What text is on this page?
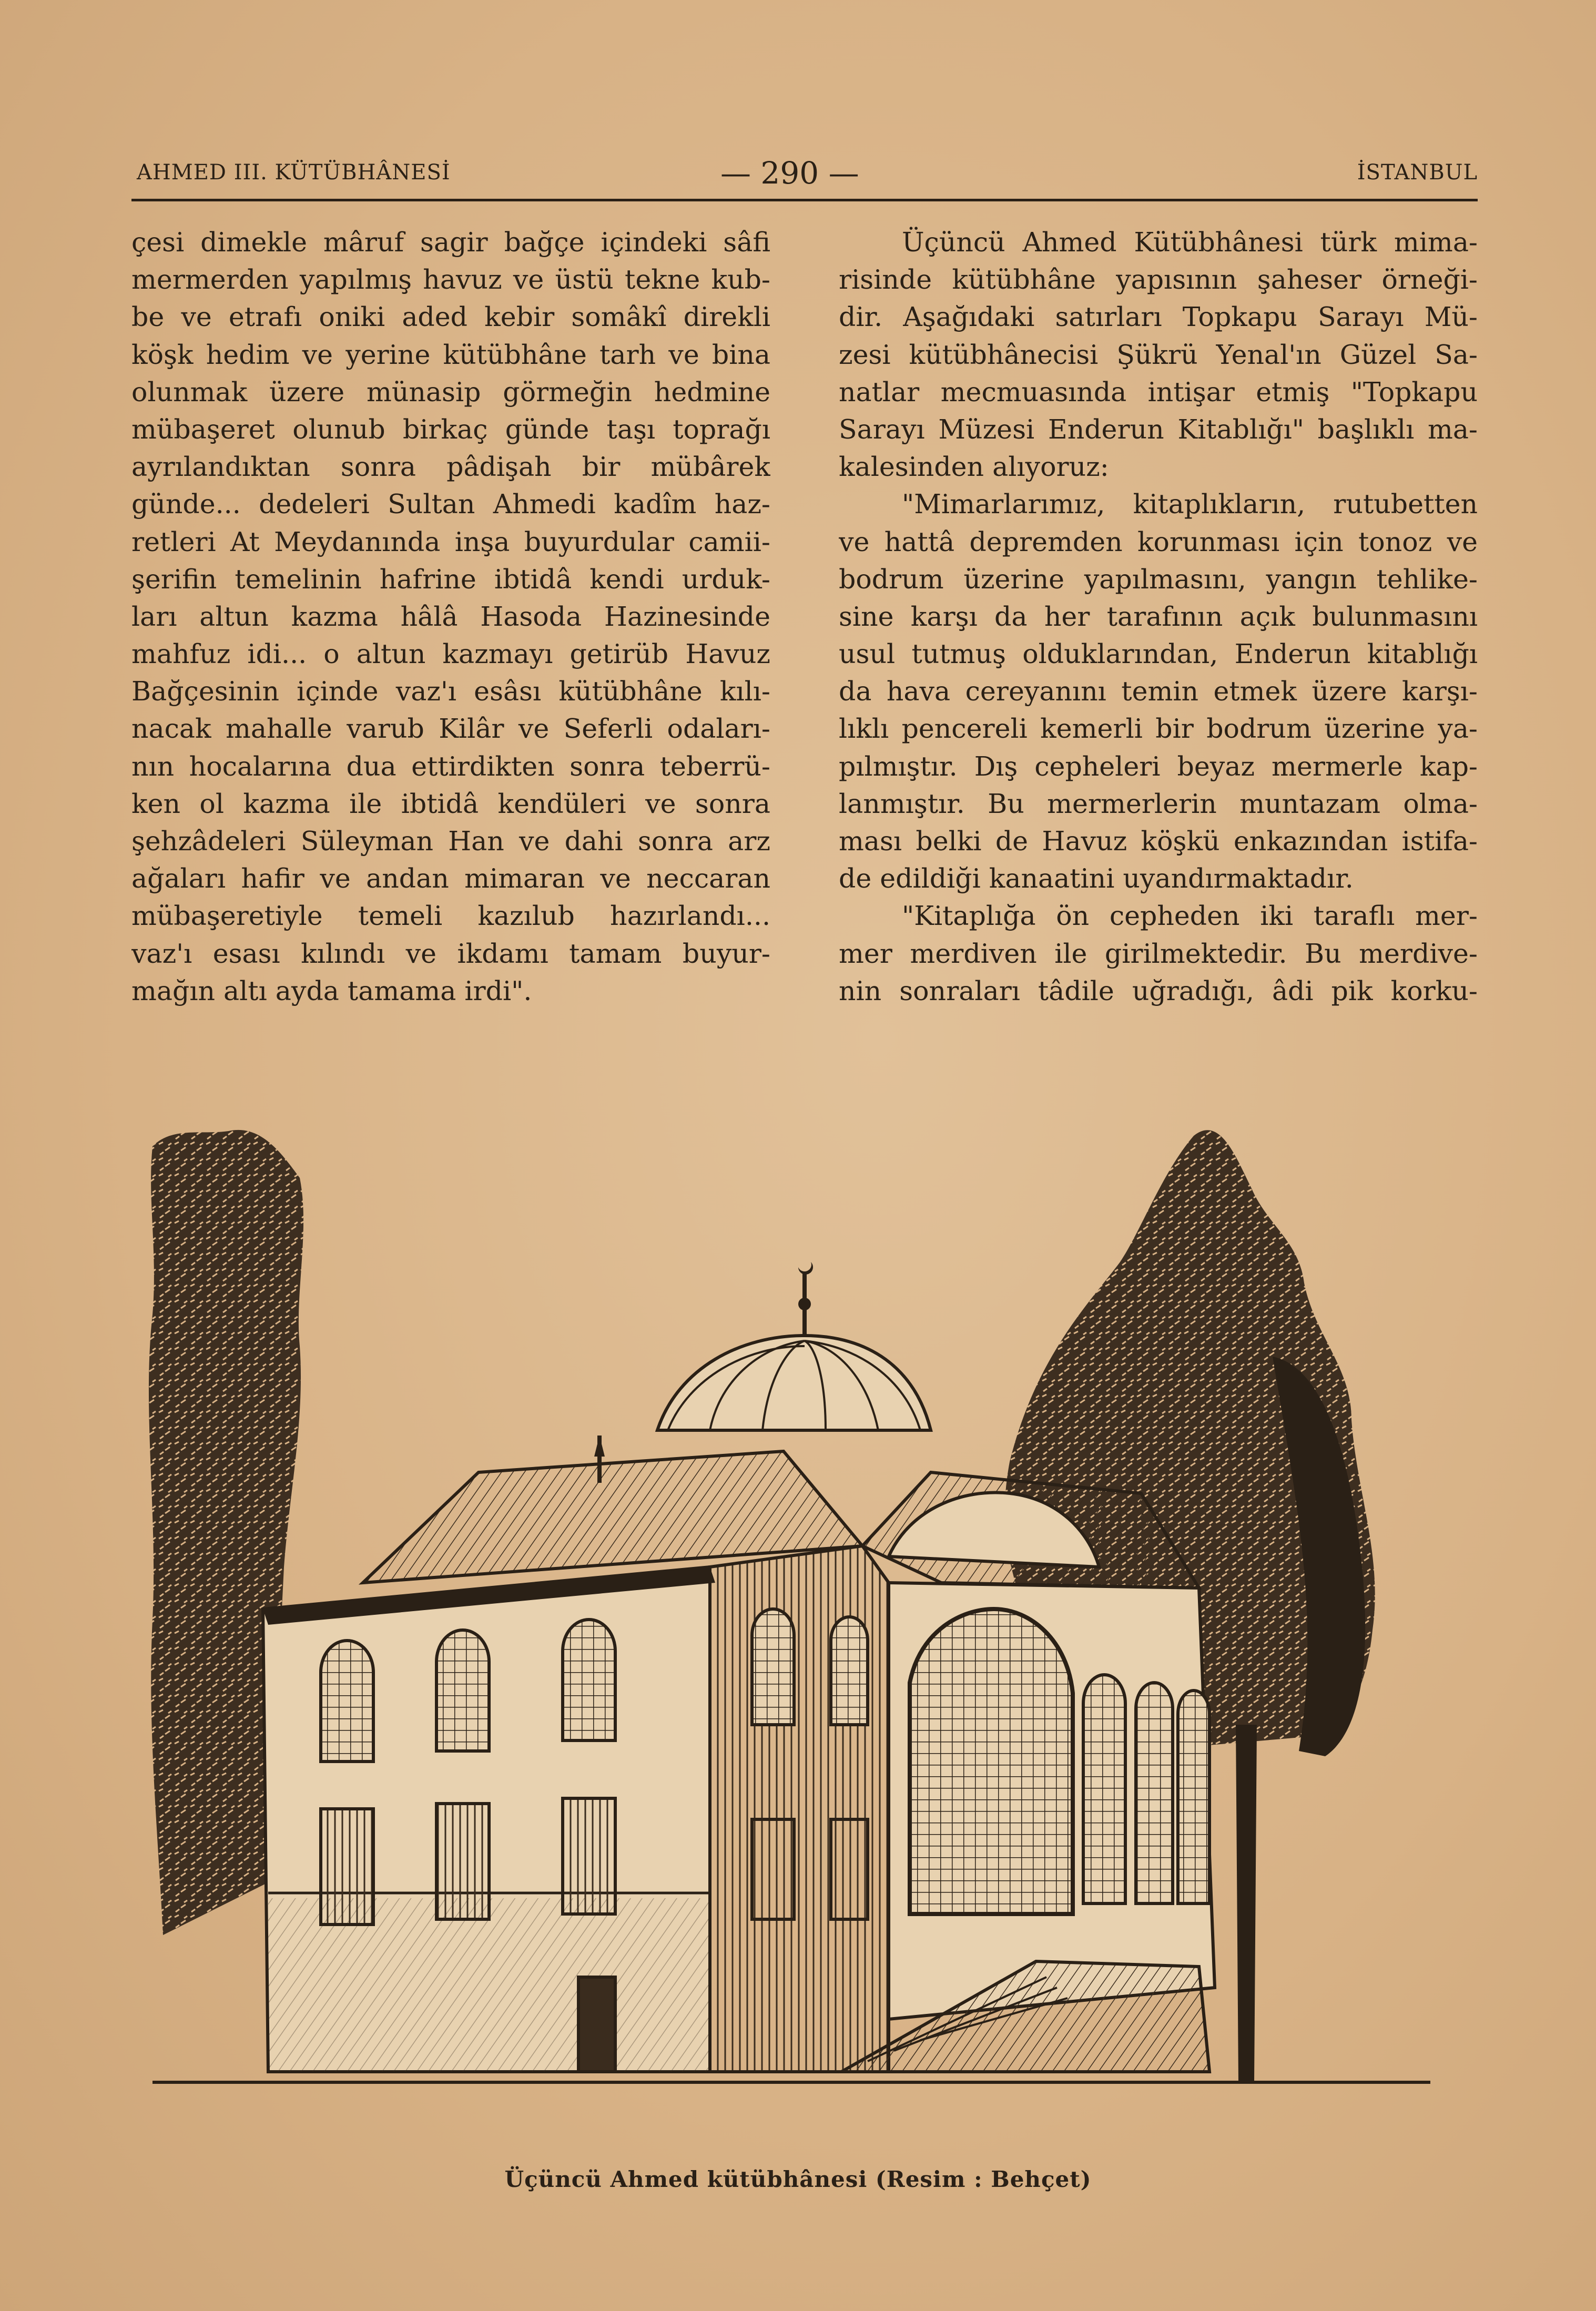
AHMED III. KÜTÜBHÂNESİ	— 290 —	İSTANBUL
çesi dimekle mâruf sagir bağçe içindeki sâfi
mermerden yapılmış havuz ve üstü tekne kub-
be ve etrafı oniki aded kebir somâkî direkli
köşk hedim ve yerine kütübhâne tarh ve bina
olunmak üzere münasip görmeğin hedmine
mübaşeret olunub birkaç günde taşı toprağı
ayrılandıktan sonra pâdişah bir mübârek
günde... dedeleri Sultan Ahmedi kadîm haz-
retleri At Meydanında inşa buyurdular camii-
şerifin temelinin hafrine ibtidâ kendi urduk-
ları altun kazma hâlâ Hasoda Hazinesinde
mahfuz idi... o altun kazmayı getirüb Havuz
Bağçesinin içinde vaz'ı esâsı kütübhâne kılı-
nacak mahalle varub Kilâr ve Seferli odaları-
nın hocalarına dua ettirdikten sonra teberrü-
ken ol kazma ile ibtidâ kendüleri ve sonra
şehzâdeleri Süleyman Han ve dahi sonra arz
ağaları hafir ve andan mimaran ve neccaran
mübaşeretiyle temeli kazılub hazırlandı...
vaz'ı esası kılındı ve ikdamı tamam buyur-
mağın altı ayda tamama irdi".
Üçüncü Ahmed Kütübhânesi türk mima-
risinde kütübhâne yapısının şaheser örneği-
dir. Aşağıdaki satırları Topkapu Sarayı Mü-
zesi kütübhânecisi Şükrü Yenal'ın Güzel Sa-
natlar mecmuasında intişar etmiş "Topkapu
Sarayı Müzesi Enderun Kitablığı" başlıklı ma-
kalesinden alıyoruz:
"Mimarlarımız, kitaplıkların, rutubetten
ve hattâ depremden korunması için tonoz ve
bodrum üzerine yapılmasını, yangın tehlike-
sine karşı da her tarafının açık bulunmasını
usul tutmuş olduklarından, Enderun kitablığı
da hava cereyanını temin etmek üzere karşı-
lıklı pencereli kemerli bir bodrum üzerine ya-
pılmıştır. Dış cepheleri beyaz mermerle kap-
lanmıştır. Bu mermerlerin muntazam olma-
ması belki de Havuz köşkü enkazından istifa-
de edildiği kanaatini uyandırmaktadır.
"Kitaplığa ön cepheden iki taraflı mer-
mer merdiven ile girilmektedir. Bu merdive-
nin sonraları tâdile uğradığı, âdi pik korku-
Üçüncü Ahmed kütübhânesi (Resim : Behçet)
